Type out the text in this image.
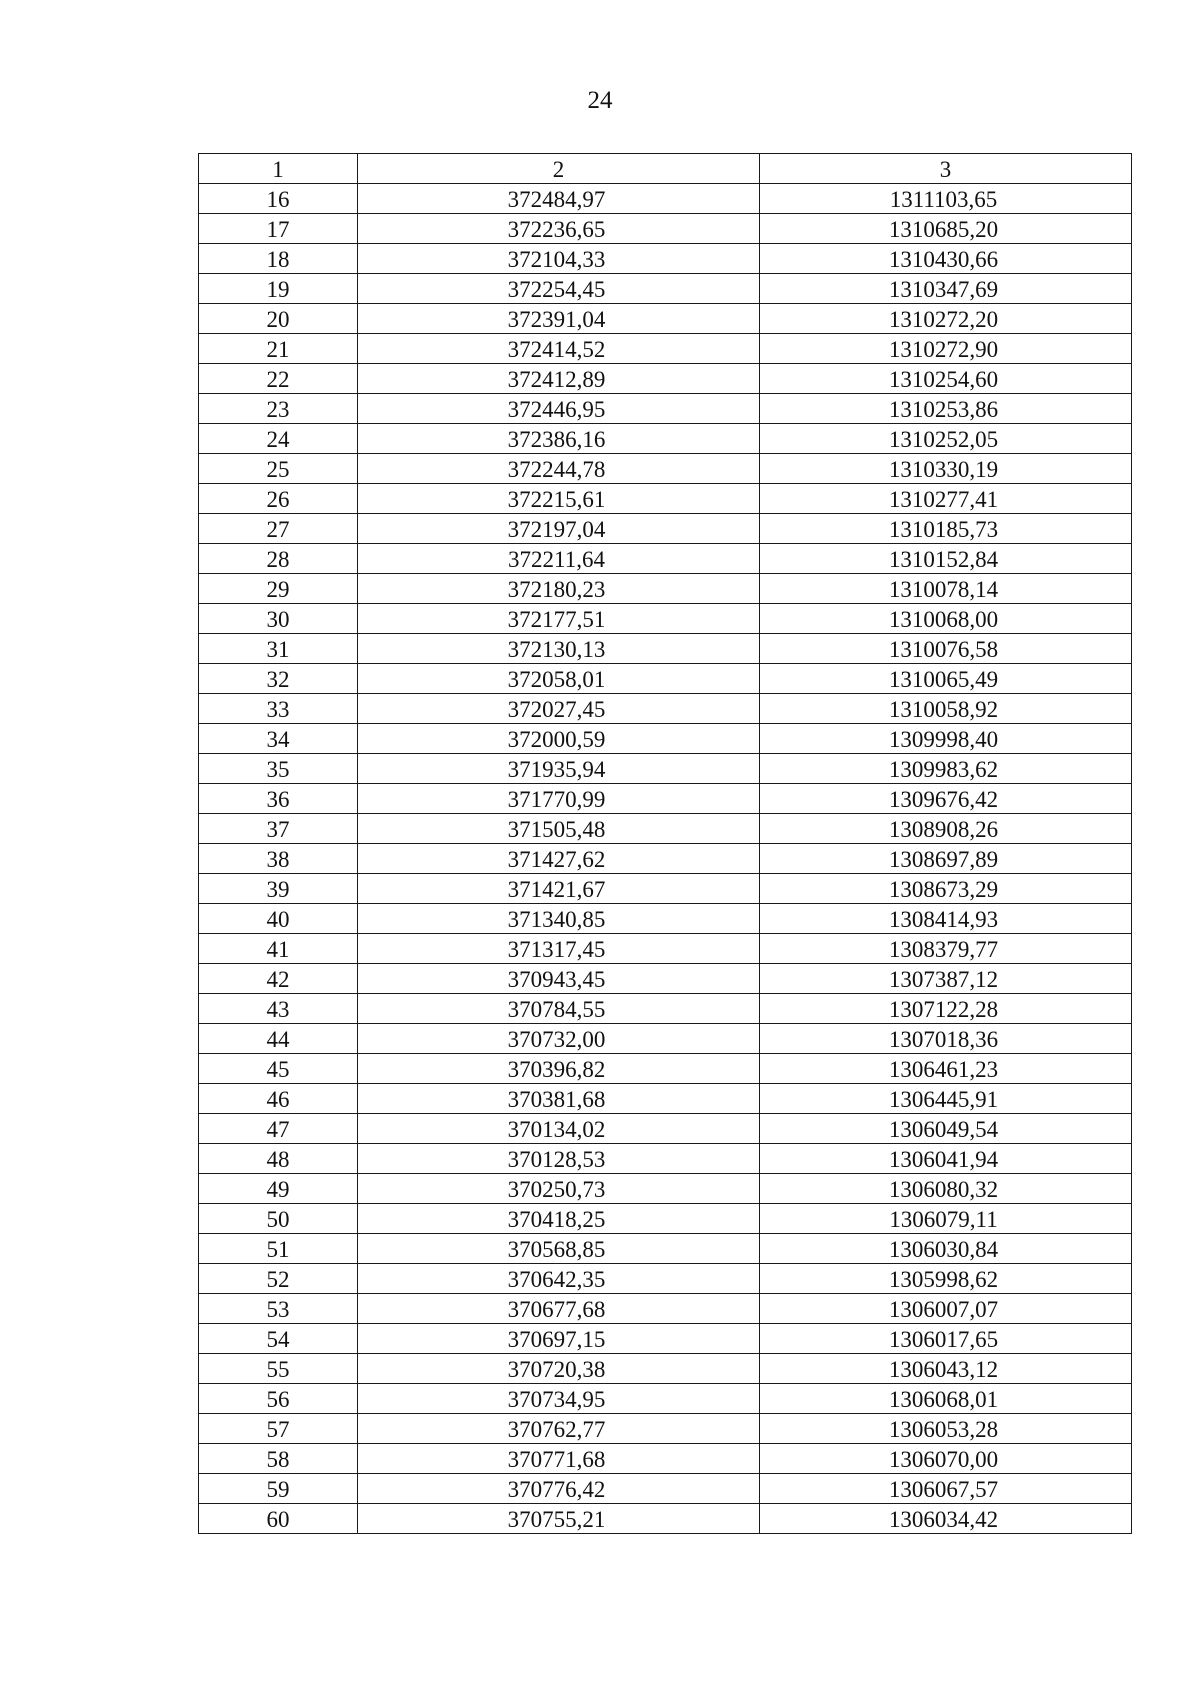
24
1	2	3
16	372484,97	1311103,65
17	372236,65	1310685,20
18	372104,33	1310430,66
19	372254,45	1310347,69
20	372391,04	1310272,20
21	372414,52	1310272,90
22	372412,89	1310254,60
23	372446,95	1310253,86
24	372386,16	1310252,05
25	372244,78	1310330,19
26	372215,61	1310277,41
27	372197,04	1310185,73
28	372211,64	1310152,84
29	372180,23	1310078,14
30	372177,51	1310068,00
31	372130,13	1310076,58
32	372058,01	1310065,49
33	372027,45	1310058,92
34	372000,59	1309998,40
35	371935,94	1309983,62
36	371770,99	1309676,42
37	371505,48	1308908,26
38	371427,62	1308697,89
39	371421,67	1308673,29
40	371340,85	1308414,93
41	371317,45	1308379,77
42	370943,45	1307387,12
43	370784,55	1307122,28
44	370732,00	1307018,36
45	370396,82	1306461,23
46	370381,68	1306445,91
47	370134,02	1306049,54
48	370128,53	1306041,94
49	370250,73	1306080,32
50	370418,25	1306079,11
51	370568,85	1306030,84
52	370642,35	1305998,62
53	370677,68	1306007,07
54	370697,15	1306017,65
55	370720,38	1306043,12
56	370734,95	1306068,01
57	370762,77	1306053,28
58	370771,68	1306070,00
59	370776,42	1306067,57
60	370755,21	1306034,42
